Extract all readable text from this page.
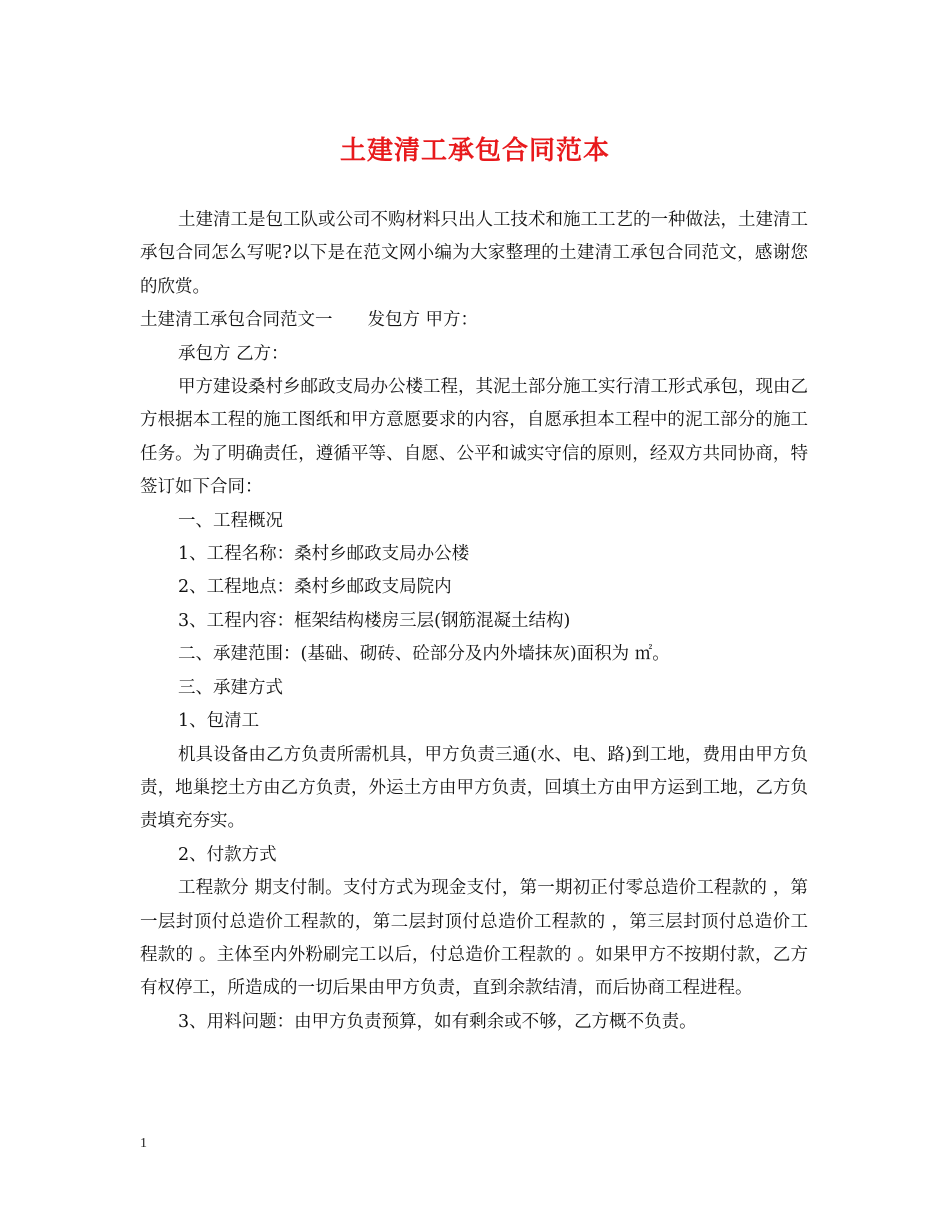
土建清工承包合同范本

土建清工是包工队或公司不购材料只出人工技术和施工工艺的一种做法，土建清工承包合同怎么写呢?以下是在范文网小编为大家整理的土建清工承包合同范文，感谢您的欣赏。

土建清工承包合同范文一　　发包方 甲方：

承包方 乙方：

甲方建设桑村乡邮政支局办公楼工程，其泥土部分施工实行清工形式承包，现由乙方根据本工程的施工图纸和甲方意愿要求的内容，自愿承担本工程中的泥工部分的施工任务。为了明确责任，遵循平等、自愿、公平和诚实守信的原则，经双方共同协商，特签订如下合同：

一、工程概况

1、工程名称：桑村乡邮政支局办公楼

2、工程地点：桑村乡邮政支局院内

3、工程内容：框架结构楼房三层(钢筋混凝土结构)

二、承建范围：(基础、砌砖、砼部分及内外墙抹灰)面积为 ㎡。

三、承建方式

1、包清工

机具设备由乙方负责所需机具，甲方负责三通(水、电、路)到工地，费用由甲方负责，地巢挖土方由乙方负责，外运土方由甲方负责，回填土方由甲方运到工地，乙方负责填充夯实。

2、付款方式

工程款分 期支付制。支付方式为现金支付，第一期初正付零总造价工程款的 ，第一层封顶付总造价工程款的，第二层封顶付总造价工程款的 ，第三层封顶付总造价工程款的 。主体至内外粉刷完工以后，付总造价工程款的 。如果甲方不按期付款，乙方有权停工，所造成的一切后果由甲方负责，直到余款结清，而后协商工程进程。

3、用料问题：由甲方负责预算，如有剩余或不够，乙方概不负责。

1
